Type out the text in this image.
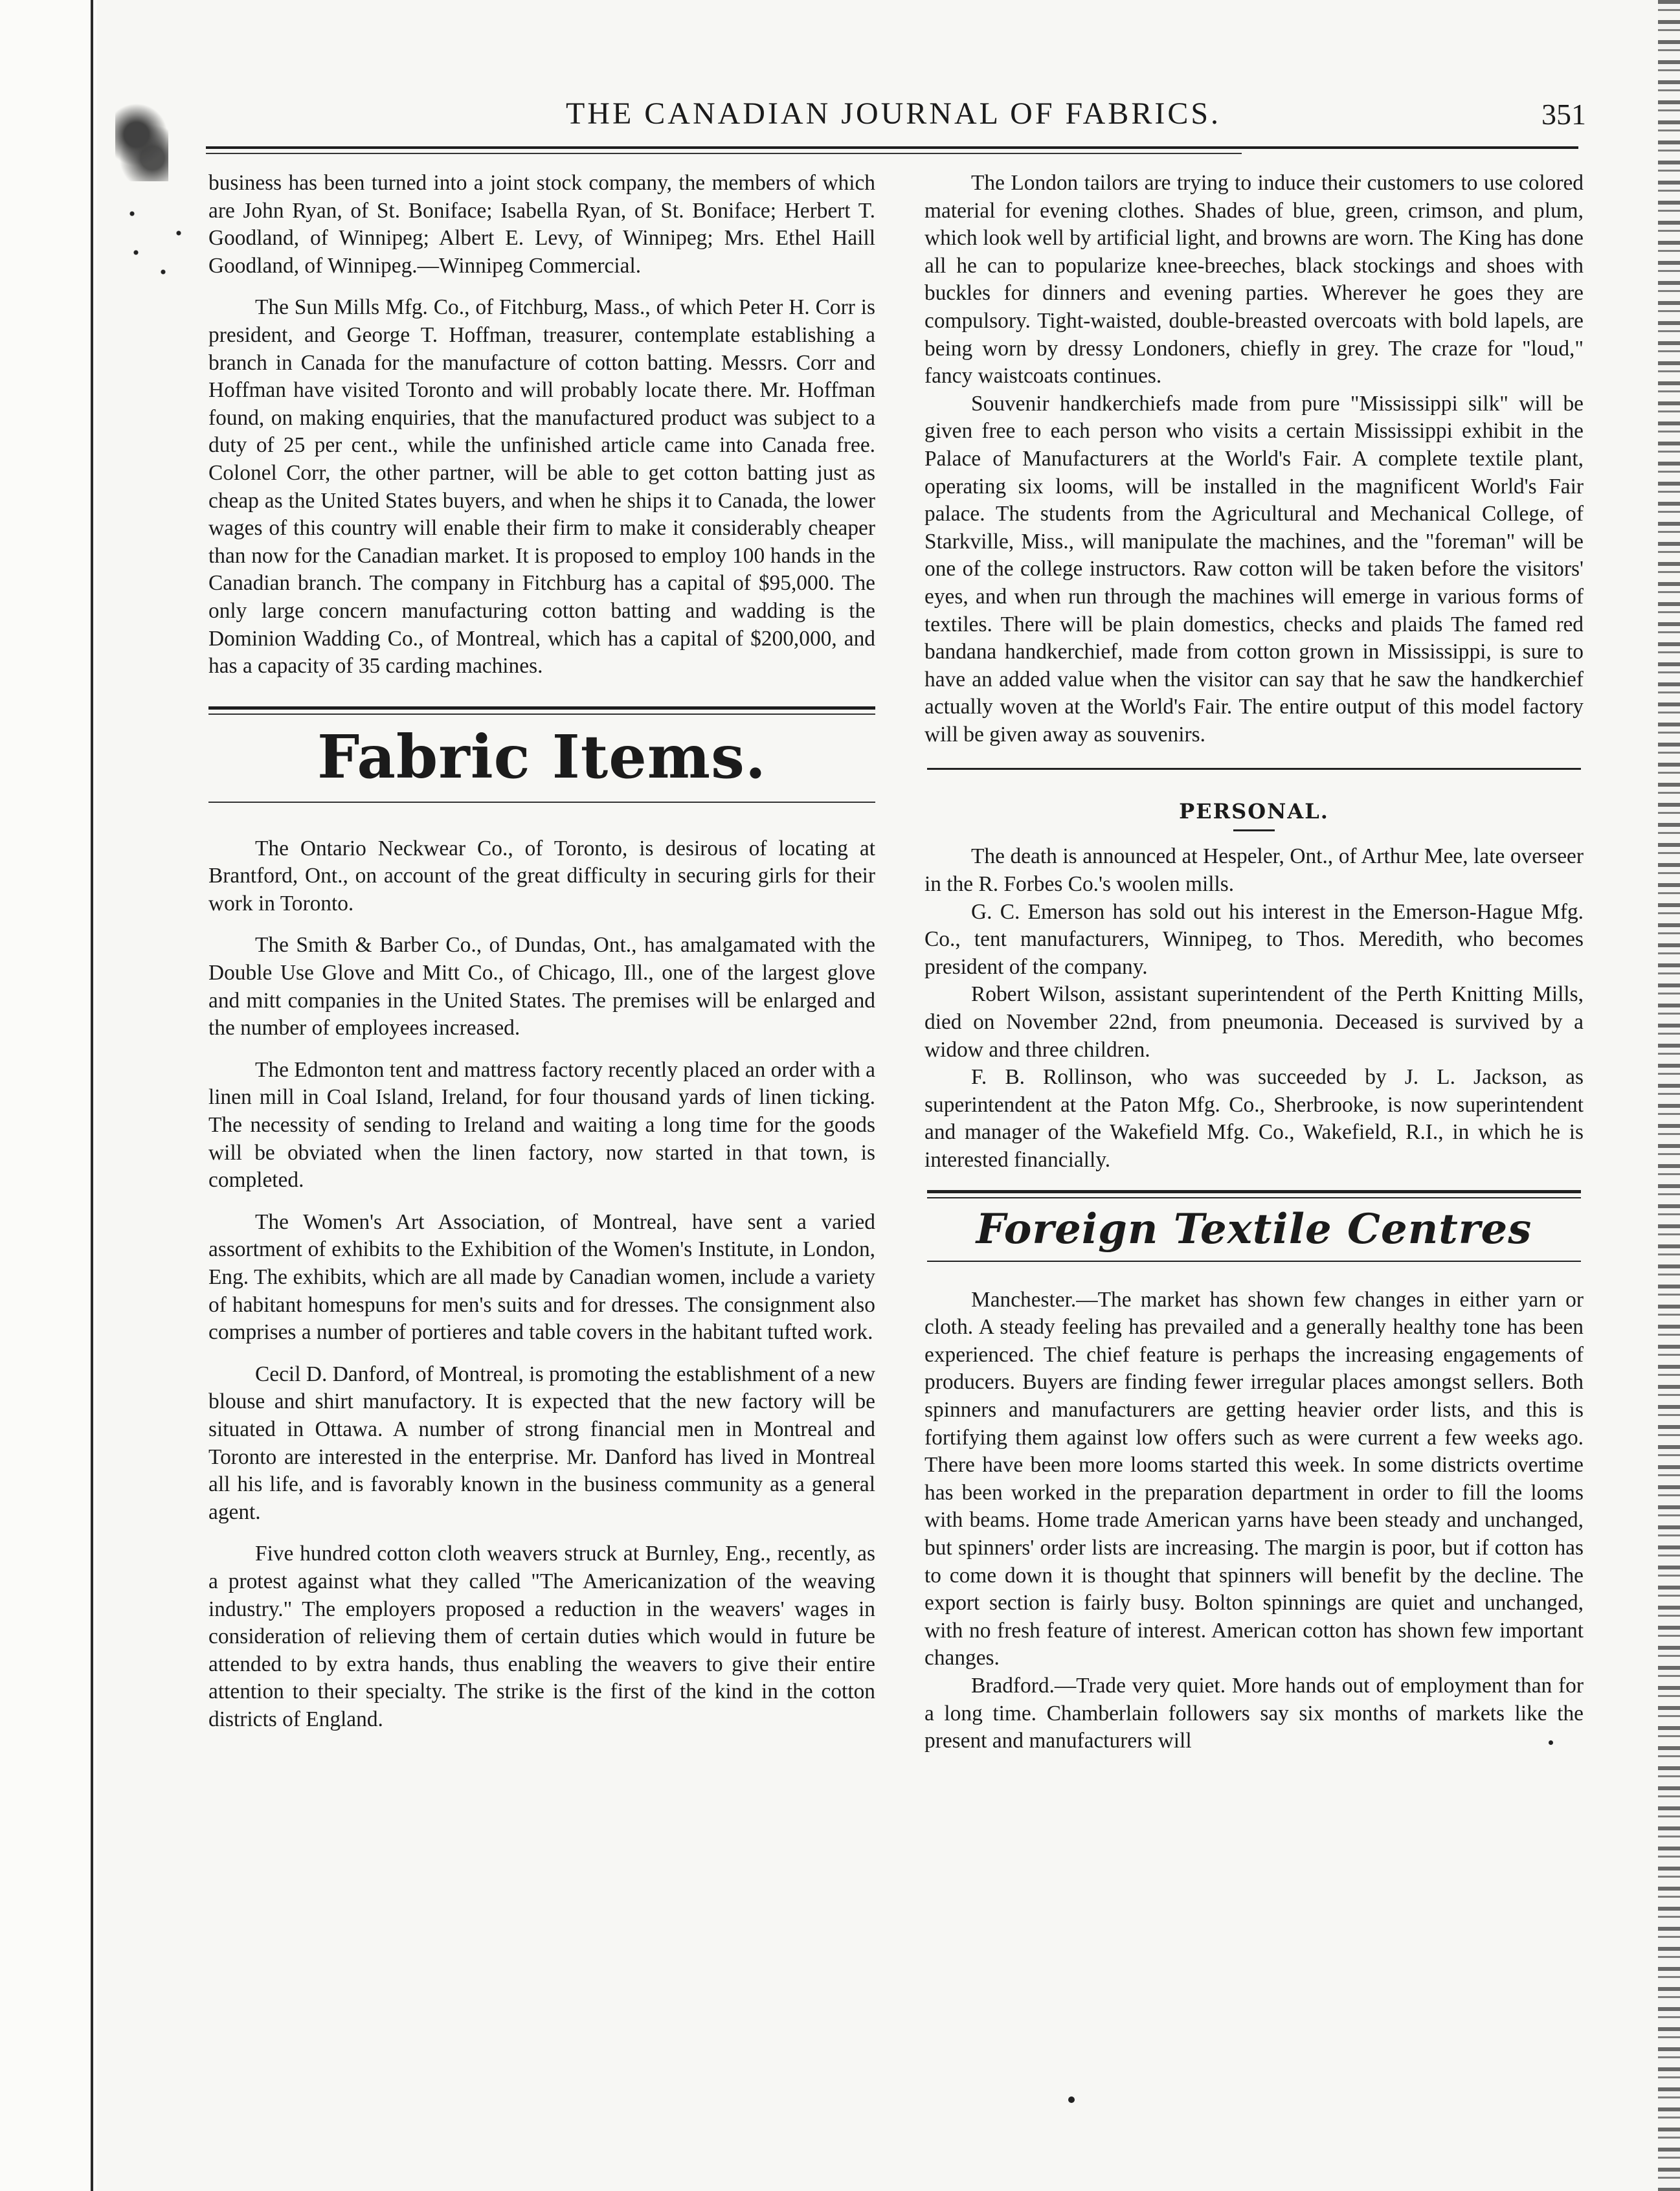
THE CANADIAN JOURNAL OF FABRICS.	351

business has been turned into a joint stock company, the members of which are John Ryan, of St. Boniface; Isabella Ryan, of St. Boniface; Herbert T. Goodland, of Winnipeg; Albert E. Levy, of Winnipeg; Mrs. Ethel Haill Goodland, of Winnipeg.—Winnipeg Commercial.

The Sun Mills Mfg. Co., of Fitchburg, Mass., of which Peter H. Corr is president, and George T. Hoffman, treasurer, contemplate establishing a branch in Canada for the manufacture of cotton batting. Messrs. Corr and Hoffman have visited Toronto and will probably locate there. Mr. Hoffman found, on making enquiries, that the manufactured product was subject to a duty of 25 per cent., while the unfinished article came into Canada free. Colonel Corr, the other partner, will be able to get cotton batting just as cheap as the United States buyers, and when he ships it to Canada, the lower wages of this country will enable their firm to make it considerably cheaper than now for the Canadian market. It is proposed to employ 100 hands in the Canadian branch. The company in Fitchburg has a capital of $95,000. The only large concern manufacturing cotton batting and wadding is the Dominion Wadding Co., of Montreal, which has a capital of $200,000, and has a capacity of 35 carding machines.

Fabric Items.

The Ontario Neckwear Co., of Toronto, is desirous of locating at Brantford, Ont., on account of the great difficulty in securing girls for their work in Toronto.

The Smith & Barber Co., of Dundas, Ont., has amalgamated with the Double Use Glove and Mitt Co., of Chicago, Ill., one of the largest glove and mitt companies in the United States. The premises will be enlarged and the number of employees increased.

The Edmonton tent and mattress factory recently placed an order with a linen mill in Coal Island, Ireland, for four thousand yards of linen ticking. The necessity of sending to Ireland and waiting a long time for the goods will be obviated when the linen factory, now started in that town, is completed.

The Women's Art Association, of Montreal, have sent a varied assortment of exhibits to the Exhibition of the Women's Institute, in London, Eng. The exhibits, which are all made by Canadian women, include a variety of habitant homespuns for men's suits and for dresses. The consignment also comprises a number of portieres and table covers in the habitant tufted work.

Cecil D. Danford, of Montreal, is promoting the establishment of a new blouse and shirt manufactory. It is expected that the new factory will be situated in Ottawa. A number of strong financial men in Montreal and Toronto are interested in the enterprise. Mr. Danford has lived in Montreal all his life, and is favorably known in the business community as a general agent.

Five hundred cotton cloth weavers struck at Burnley, Eng., recently, as a protest against what they called "The Americanization of the weaving industry." The employers proposed a reduction in the weavers' wages in consideration of relieving them of certain duties which would in future be attended to by extra hands, thus enabling the weavers to give their entire attention to their specialty. The strike is the first of the kind in the cotton districts of England.

The London tailors are trying to induce their customers to use colored material for evening clothes. Shades of blue, green, crimson, and plum, which look well by artificial light, and browns are worn. The King has done all he can to popularize knee-breeches, black stockings and shoes with buckles for dinners and evening parties. Wherever he goes they are compulsory. Tight-waisted, double-breasted overcoats with bold lapels, are being worn by dressy Londoners, chiefly in grey. The craze for "loud," fancy waistcoats continues.

Souvenir handkerchiefs made from pure "Mississippi silk" will be given free to each person who visits a certain Mississippi exhibit in the Palace of Manufacturers at the World's Fair. A complete textile plant, operating six looms, will be installed in the magnificent World's Fair palace. The students from the Agricultural and Mechanical College, of Starkville, Miss., will manipulate the machines, and the "foreman" will be one of the college instructors. Raw cotton will be taken before the visitors' eyes, and when run through the machines will emerge in various forms of textiles. There will be plain domestics, checks and plaids The famed red bandana handkerchief, made from cotton grown in Mississippi, is sure to have an added value when the visitor can say that he saw the handkerchief actually woven at the World's Fair. The entire output of this model factory will be given away as souvenirs.

PERSONAL.

The death is announced at Hespeler, Ont., of Arthur Mee, late overseer in the R. Forbes Co.'s woolen mills.

G. C. Emerson has sold out his interest in the Emerson-Hague Mfg. Co., tent manufacturers, Winnipeg, to Thos. Meredith, who becomes president of the company.

Robert Wilson, assistant superintendent of the Perth Knitting Mills, died on November 22nd, from pneumonia. Deceased is survived by a widow and three children.

F. B. Rollinson, who was succeeded by J. L. Jackson, as superintendent at the Paton Mfg. Co., Sherbrooke, is now superintendent and manager of the Wakefield Mfg. Co., Wakefield, R.I., in which he is interested financially.

Foreign Textile Centres

Manchester.—The market has shown few changes in either yarn or cloth. A steady feeling has prevailed and a generally healthy tone has been experienced. The chief feature is perhaps the increasing engagements of producers. Buyers are finding fewer irregular places amongst sellers. Both spinners and manufacturers are getting heavier order lists, and this is fortifying them against low offers such as were current a few weeks ago. There have been more looms started this week. In some districts overtime has been worked in the preparation department in order to fill the looms with beams. Home trade American yarns have been steady and unchanged, but spinners' order lists are increasing. The margin is poor, but if cotton has to come down it is thought that spinners will benefit by the decline. The export section is fairly busy. Bolton spinnings are quiet and unchanged, with no fresh feature of interest. American cotton has shown few important changes.

Bradford.—Trade very quiet. More hands out of employment than for a long time. Chamberlain followers say six months of markets like the present and manufacturers will
